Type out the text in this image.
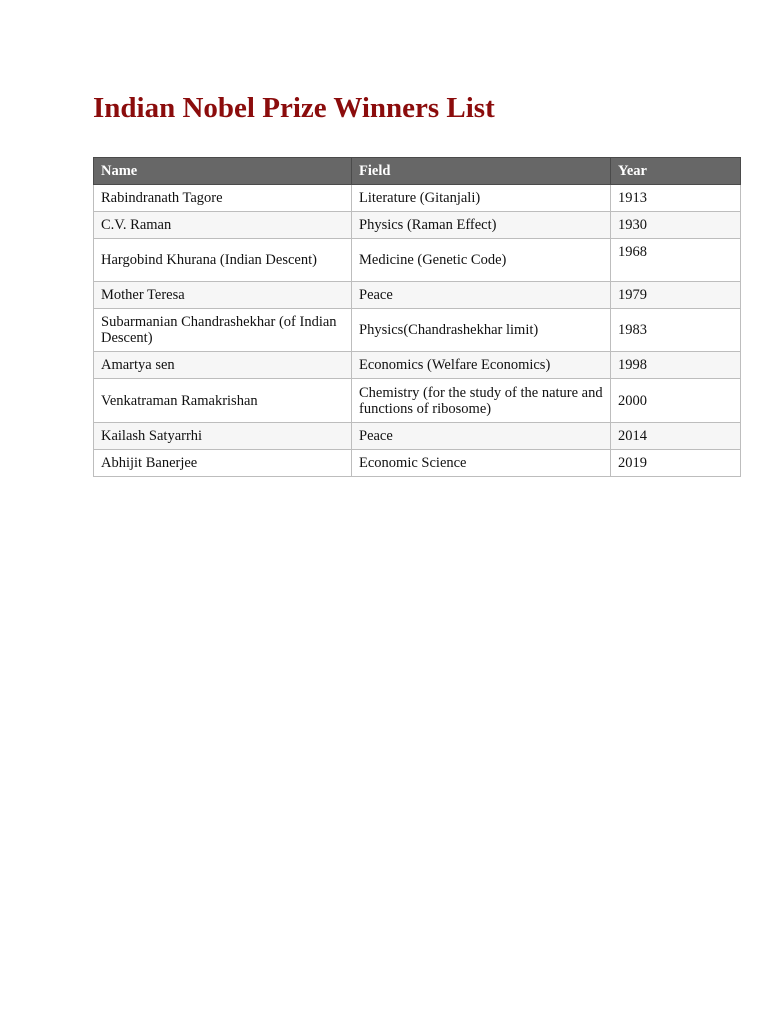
Indian Nobel Prize Winners List
Name	Field	Year
Rabindranath Tagore	Literature (Gitanjali)	1913
C.V. Raman	Physics (Raman Effect)	1930
Hargobind Khurana (Indian Descent)	Medicine (Genetic Code)	1968
Mother Teresa	Peace	1979
Subarmanian Chandrashekhar (of Indian Descent)	Physics(Chandrashekhar limit)	1983
Amartya sen	Economics (Welfare Economics)	1998
Venkatraman Ramakrishan	Chemistry (for the study of the nature and functions of ribosome)	2000
Kailash Satyarrhi	Peace	2014
Abhijit Banerjee	Economic Science	2019
